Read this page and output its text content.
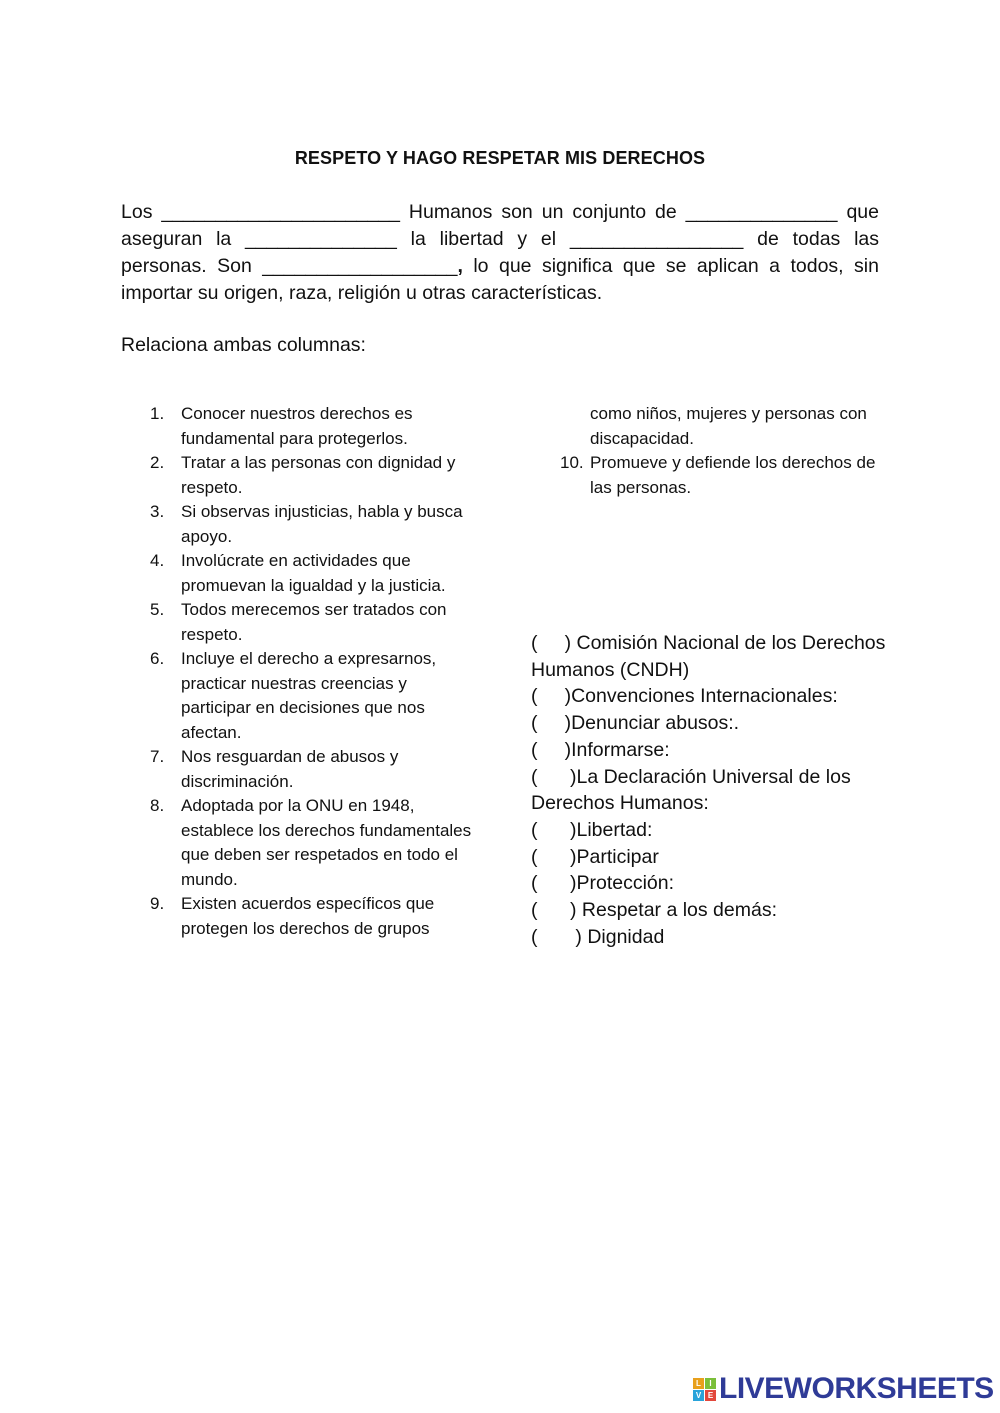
RESPETO Y HAGO RESPETAR MIS DERECHOS

Los ______________________ Humanos son un conjunto de ______________ que aseguran la ______________ la libertad y el ________________ de todas las personas. Son __________________, lo que significa que se aplican a todos, sin importar su origen, raza, religión u otras características.

Relaciona ambas columnas:

1. Conocer nuestros derechos es fundamental para protegerlos.
2. Tratar a las personas con dignidad y respeto.
3. Si observas injusticias, habla y busca apoyo.
4. Involúcrate en actividades que promuevan la igualdad y la justicia.
5. Todos merecemos ser tratados con respeto.
6. Incluye el derecho a expresarnos, practicar nuestras creencias y participar en decisiones que nos afectan.
7. Nos resguardan de abusos y discriminación.
8. Adoptada por la ONU en 1948, establece los derechos fundamentales que deben ser respetados en todo el mundo.
9. Existen acuerdos específicos que protegen los derechos de grupos
como niños, mujeres y personas con discapacidad.
10. Promueve y defiende los derechos de las personas.
(     ) Comisión Nacional de los Derechos Humanos (CNDH)
(     )Convenciones Internacionales:
(     )Denunciar abusos:.
(     )Informarse:
(      )La Declaración Universal de los Derechos Humanos:
(      )Libertad:
(      )Participar
(      )Protección:
(      ) Respetar a los demás:
(       ) Dignidad
L	I
V E LIVEWORKSHEETS
